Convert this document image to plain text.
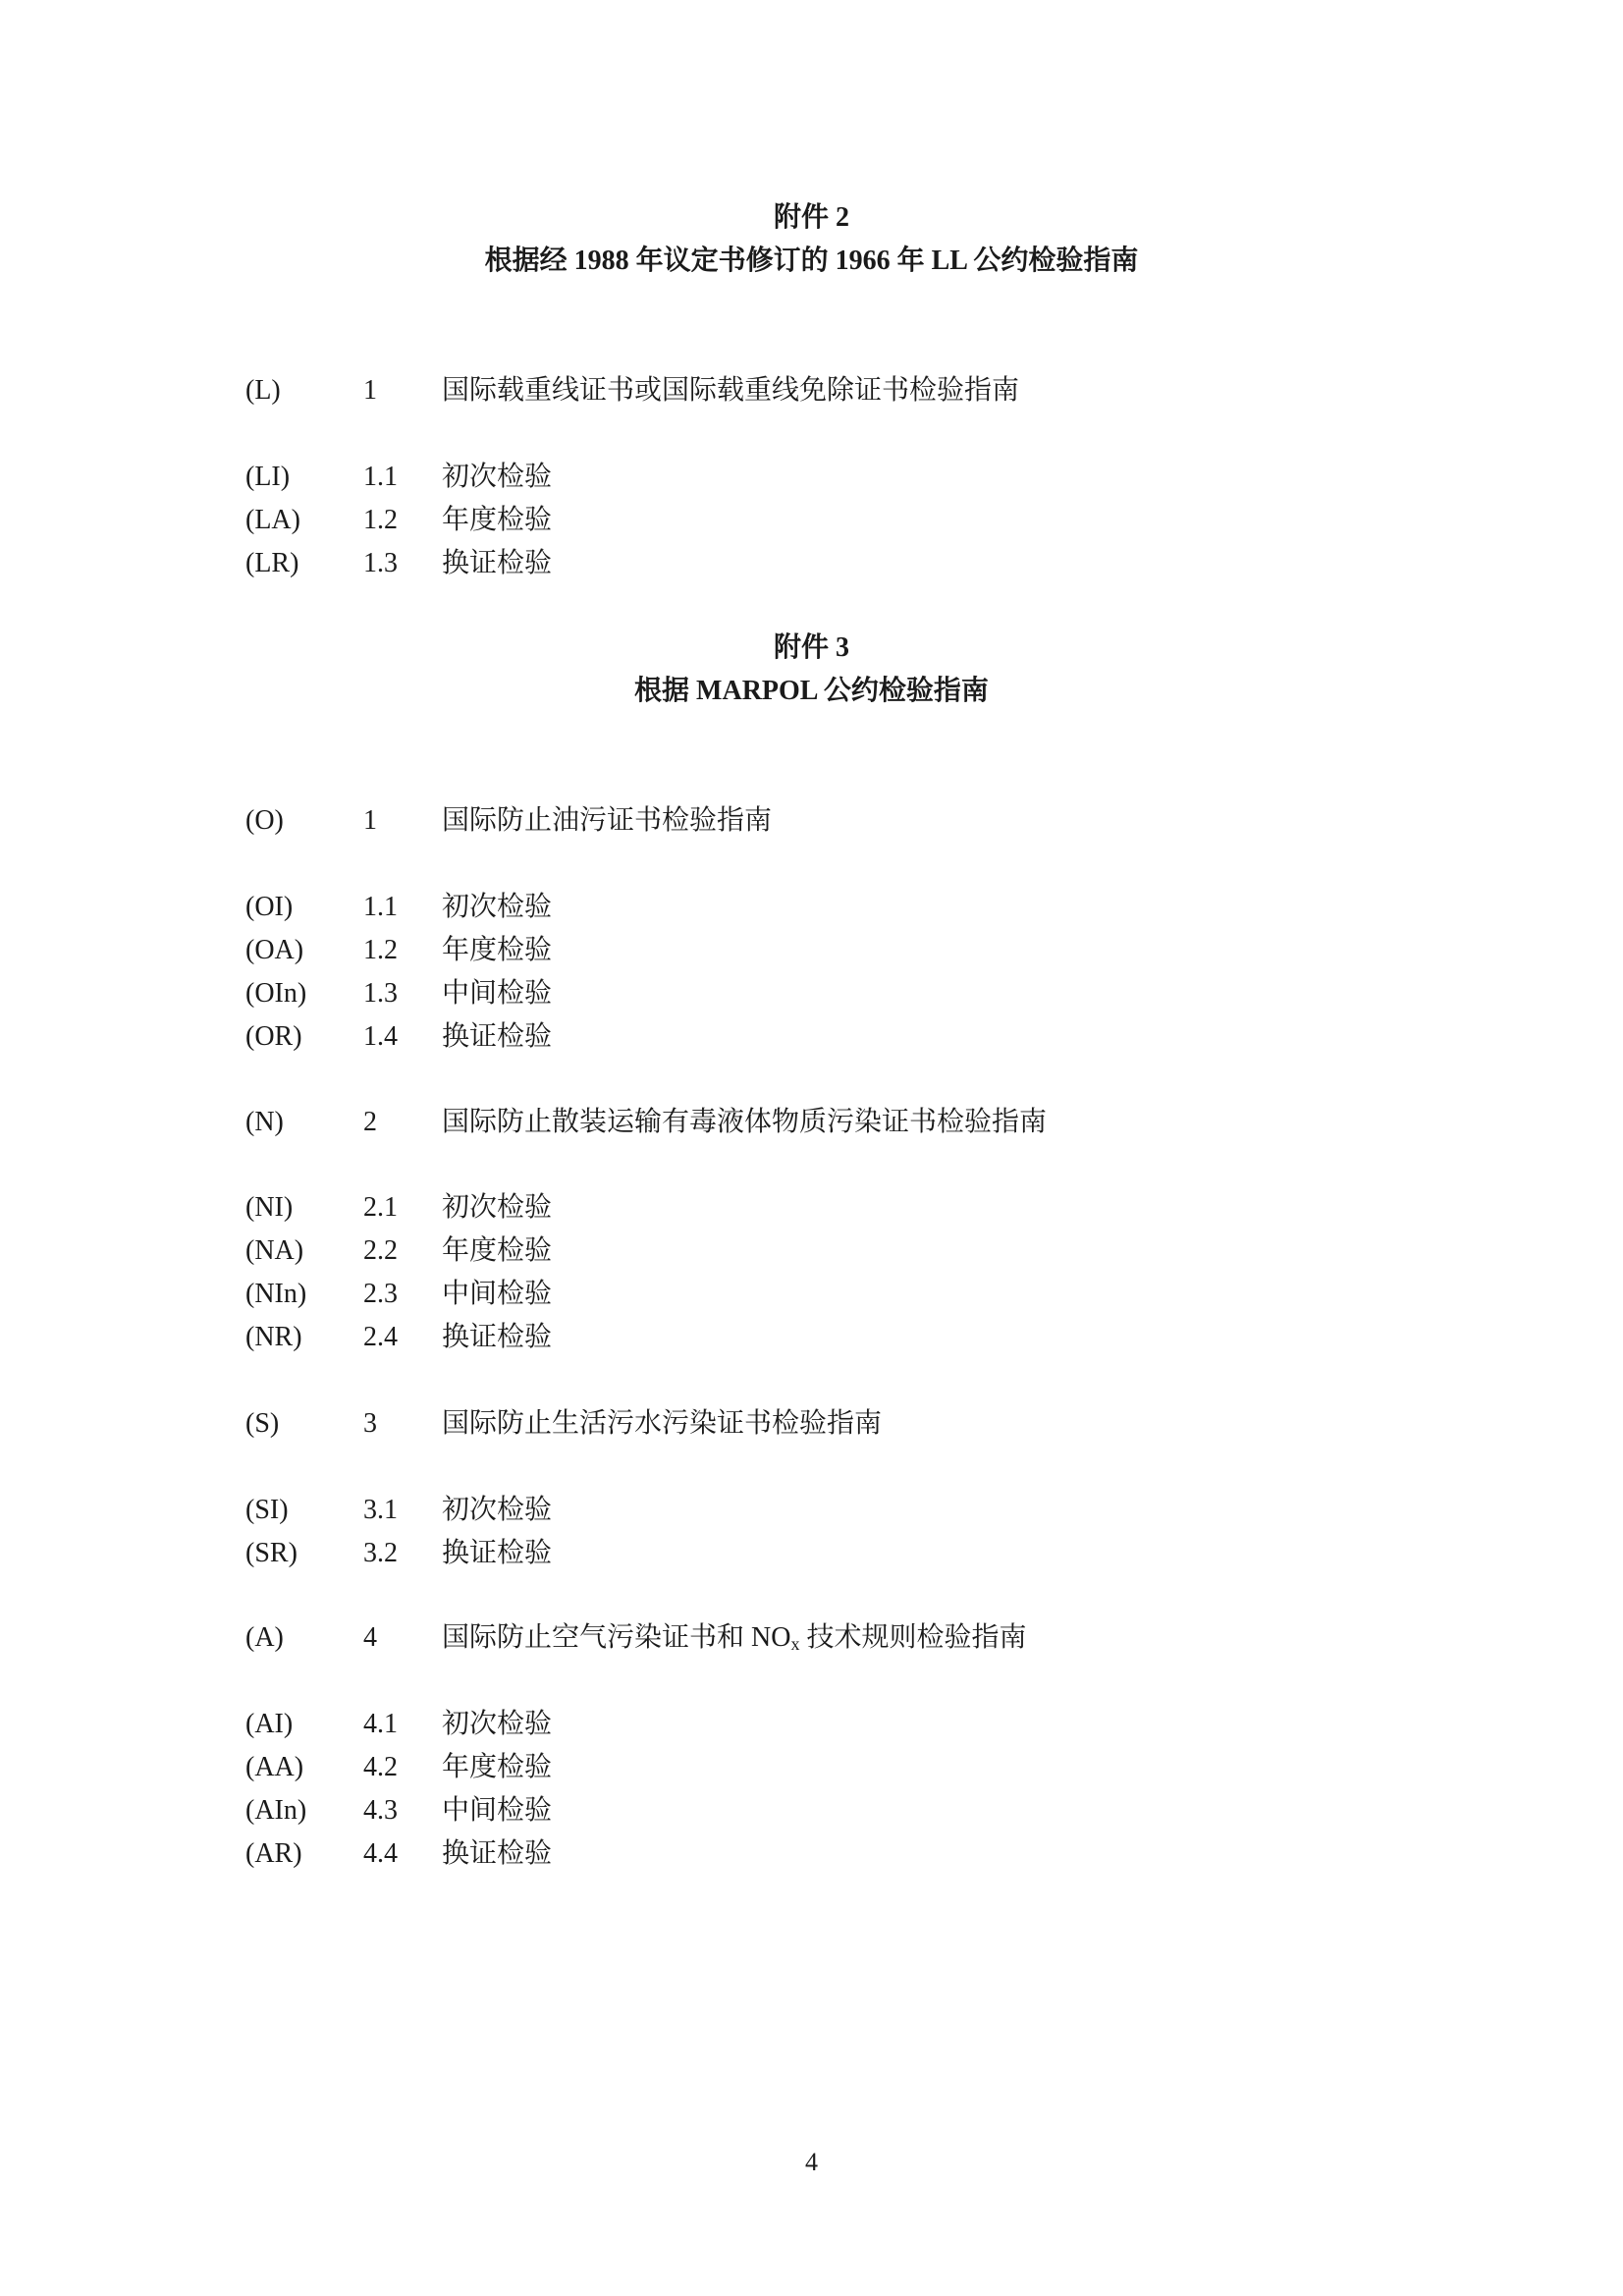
附件 2
根据经 1988 年议定书修订的 1966 年 LL 公约检验指南
(L)	1 国际载重线证书或国际载重线免除证书检验指南
(LI)	1.1 初次检验
(LA) 1.2 年度检验
(LR) 1.3 换证检验
附件 3
根据 MARPOL 公约检验指南
(O)	1 国际防止油污证书检验指南
(OI)	1.1 初次检验
(OA) 1.2 年度检验
(OIn) 1.3 中间检验
(OR) 1.4 换证检验
(N)	2 国际防止散装运输有毒液体物质污染证书检验指南
(NI)	2.1 初次检验
(NA) 2.2 年度检验
(NIn) 2.3 中间检验
(NR) 2.4 换证检验
(S)	3 国际防止生活污水污染证书检验指南
(SI)	3.1 初次检验
(SR) 3.2 换证检验
(A)	4 国际防止空气污染证书和 $NO_x$ 技术规则检验指南
(AI)	4.1 初次检验
(AA) 4.2 年度检验
(AIn) 4.3 中间检验
(AR) 4.4 换证检验
4
